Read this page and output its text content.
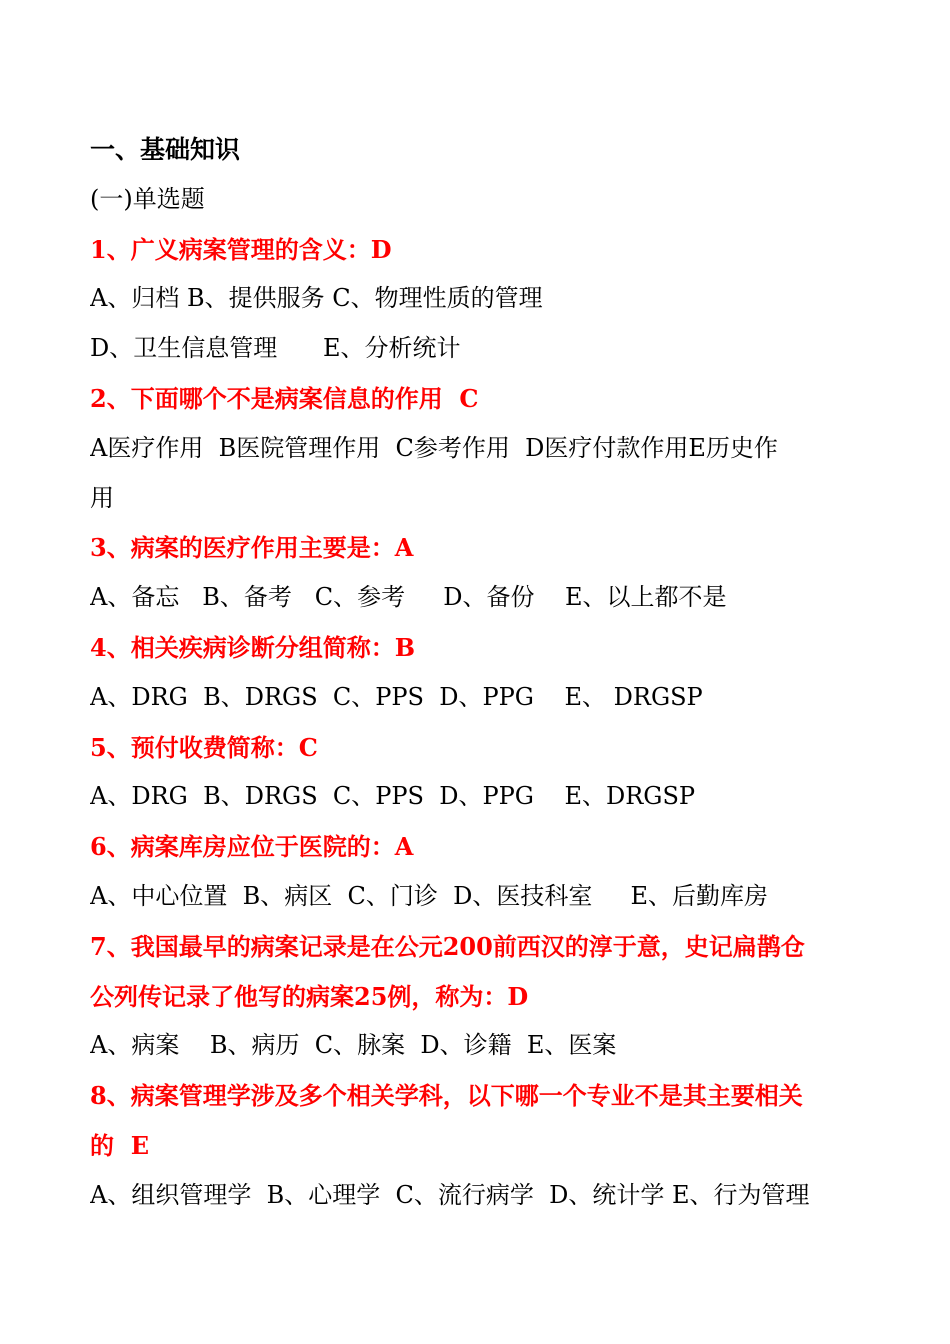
一、基础知识
(一)单选题
1、广义病案管理的含义：D
A、归档 B、提供服务 C、物理性质的管理
D、卫生信息管理      E、分析统计
2、下面哪个不是病案信息的作用  C
A医疗作用  B医院管理作用  C参考作用  D医疗付款作用E历史作
用
3、病案的医疗作用主要是：A
A、备忘   B、备考   C、参考     D、备份    E、以上都不是
4、相关疾病诊断分组简称：B
A、DRG  B、DRGS  C、PPS  D、PPG    E、 DRGSP
5、预付收费简称：C
A、DRG  B、DRGS  C、PPS  D、PPG    E、DRGSP
6、病案库房应位于医院的：A
A、中心位置  B、病区  C、门诊  D、医技科室     E、后勤库房
7、我国最早的病案记录是在公元200前西汉的淳于意，史记扁鹊仓
公列传记录了他写的病案25例，称为：D
A、病案    B、病历  C、脉案  D、诊籍  E、医案
8、病案管理学涉及多个相关学科，以下哪一个专业不是其主要相关
的  E
A、组织管理学  B、心理学  C、流行病学  D、统计学 E、行为管理
